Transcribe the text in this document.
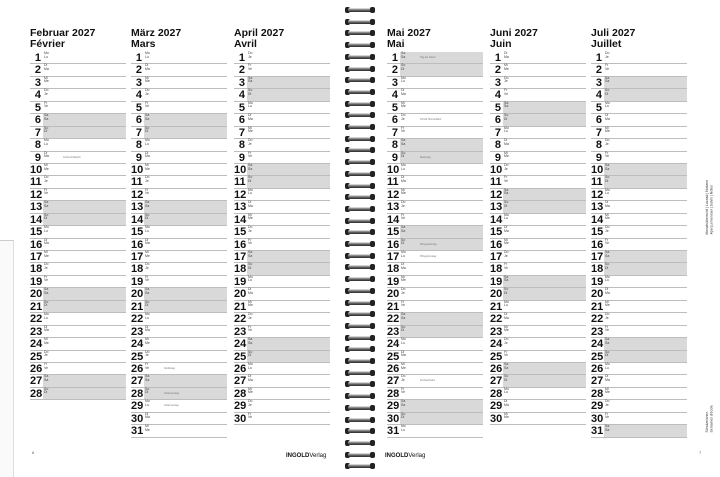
Februar 2027
Février
1 Mo
Lu
2 Di
Ma
3 Mi
Me
4 Do
Je
5 Fr
Ve
6 Sa
Sa
7 So
Di
8 Mo
Lu
9 Di
Ma	Aschermittwoch
10 Mi
Me
11 Do
Je
12 Fr
Ve
13 Sa
Sa
14 So
Di
15 Mo
Lu
16 Di
Ma
17 Mi
Me
18 Do
Je
19 Fr
Ve
20 Sa
Sa
21 So
Di
22 Mo
Lu
23 Di
Ma
24 Mi
Me
25 Do
Je
26 Fr
Ve
27 Sa
Sa
28 So
Di
März 2027
Mars
1 Mo
Lu
2 Di
Ma
3 Mi
Me
4 Do
Je
5 Fr
Ve
6 Sa
Sa
7 So
Di
8 Mo
Lu
9 Di
Ma
10 Mi
Me
11 Do
Je
12 Fr
Ve
13 Sa
Sa
14 So
Di
15 Mo
Lu
16 Di
Ma
17 Mi
Me
18 Do
Je
19 Fr
Ve
20 Sa
Sa
21 So
Di
22 Mo
Lu
23 Di
Ma
24 Mi
Me
25 Do
Je
26 Fr
Ve	Karfreitag
27 Sa
Sa
28 So
Di	Ostersonntag
29 Mo
Lu	Ostermontag
30 Di
Ma
31 Mi
Me
April 2027
Avril
1 Do
Je
2 Fr
Ve
3 Sa
Sa
4 So
Di
5 Mo
Lu
6 Di
Ma
7 Mi
Me
8 Do
Je
9 Fr
Ve
10 Sa
Sa
11 So
Di
12 Mo
Lu
13 Di
Ma
14 Mi
Me
15 Do
Je
16 Fr
Ve
17 Sa
Sa
18 So
Di
19 Mo
Lu
20 Di
Ma
21 Mi
Me
22 Do
Je
23 Fr
Ve
24 Sa
Sa
25 So
Di
26 Mo
Lu
27 Di
Ma
28 Mi
Me
29 Do
Je
30 Fr
Ve
6
INGOLDVerlag
Mai 2027
Mai
1 Sa
Sa	Tag der Arbeit
2 So
Di
3 Mo
Lu
4 Di
Ma
5 Mi
Me
6 Do
Je	Christi Himmelfahrt
7 Fr
Ve
8 Sa
Sa
9 So
Di	Muttertag
10 Mo
Lu
11 Di
Ma
12 Mi
Me
13 Do
Je
14 Fr
Ve
15 Sa
Sa
16 So
Di	Pfingstsonntag
17 Mo
Lu	Pfingstmontag
18 Di
Ma
19 Mi
Me
20 Do
Je
21 Fr
Ve
22 Sa
Sa
23 So
Di
24 Mo
Lu
25 Di
Ma
26 Mi
Me
27 Do
Je	Fronleichnam
28 Fr
Ve
29 Sa
Sa
30 So
Di
31 Mo
Lu
Juni 2027
Juin
1 Di
Ma
2 Mi
Me
3 Do
Je
4 Fr
Ve
5 Sa
Sa
6 So
Di
7 Mo
Lu
8 Di
Ma
9 Mi
Me
10 Do
Je
11 Fr
Ve
12 Sa
Sa
13 So
Di
14 Mo
Lu
15 Di
Ma
16 Mi
Me
17 Do
Je
18 Fr
Ve
19 Sa
Sa
20 So
Di
21 Mo
Lu
22 Di
Ma
23 Mi
Me
24 Do
Je
25 Fr
Ve
26 Sa
Sa
27 So
Di
28 Mo
Lu
29 Di
Ma
30 Mi
Me
Juli 2027
Juillet
1 Do
Je
2 Fr
Ve
3 Sa
Sa
4 So
Di
5 Mo
Lu
6 Di
Ma
7 Mi
Me
8 Do
Je
9 Fr
Ve
10 Sa
Sa
11 So
Di
12 Mo
Lu
13 Di
Ma
14 Mi
Me
15 Do
Je
16 Fr
Ve
17 Sa
Sa
18 So
Di
19 Mo
Lu
20 Di
Ma
21 Mi
Me
22 Do
Je
23 Fr
Ve
24 Sa
Sa
25 So
Di
26 Mo
Lu
27 Di
Ma
28 Mi
Me
29 Do
Je
30 Fr
Ve
31 Sa
Sa
INGOLDVerlag
7
Monatsübersicht | Lucasd | Notizen
Aperçu mensuel | Suivis | Notes
Schulzeichen
Semaines d'école
